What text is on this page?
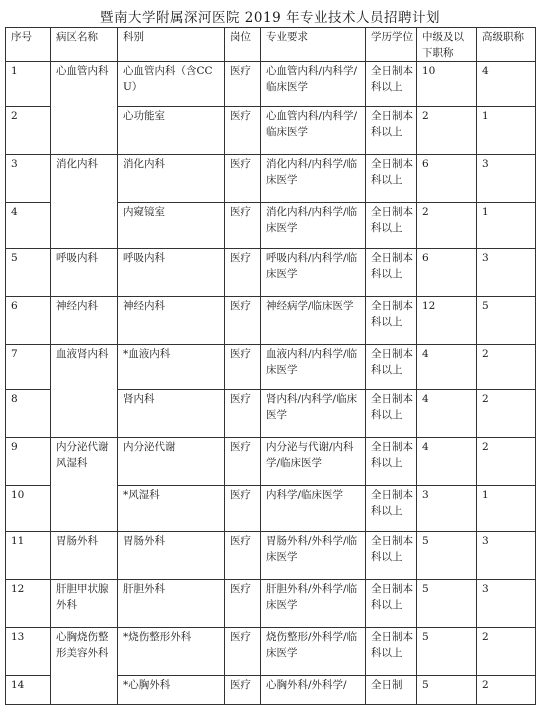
暨南大学附属深河医院 2019 年专业技术人员招聘计划
序号	病区名称	科别	岗位	专业要求	学历学位	中级及以下职称	高级职称
1	心血管内科	心血管内科（含CCU）	医疗	心血管内科/内科学/临床医学	全日制本科以上	10	4
2		心功能室	医疗	心血管内科/内科学/临床医学	全日制本科以上	2	1
3	消化内科	消化内科	医疗	消化内科/内科学/临床医学	全日制本科以上	6	3
4		内窥镜室	医疗	消化内科/内科学/临床医学	全日制本科以上	2	1
5	呼吸内科	呼吸内科	医疗	呼吸内科/内科学/临床医学	全日制本科以上	6	3
6	神经内科	神经内科	医疗	神经病学/临床医学	全日制本科以上	12	5
7	血液肾内科	*血液内科	医疗	血液内科/内科学/临床医学	全日制本科以上	4	2
8		肾内科	医疗	肾内科/内科学/临床医学	全日制本科以上	4	2
9	内分泌代谢风湿科	内分泌代谢	医疗	内分泌与代谢/内科学/临床医学	全日制本科以上	4	2
10		*风湿科	医疗	内科学/临床医学	全日制本科以上	3	1
11	胃肠外科	胃肠外科	医疗	胃肠外科/外科学/临床医学	全日制本科以上	5	3
12	肝胆甲状腺外科	肝胆外科	医疗	肝胆外科/外科学/临床医学	全日制本科以上	5	3
13	心胸烧伤整形美容外科	*烧伤整形外科	医疗	烧伤整形/外科学/临床医学	全日制本科以上	5	2
14		*心胸外科	医疗	心胸外科/外科学/	全日制	5	2
